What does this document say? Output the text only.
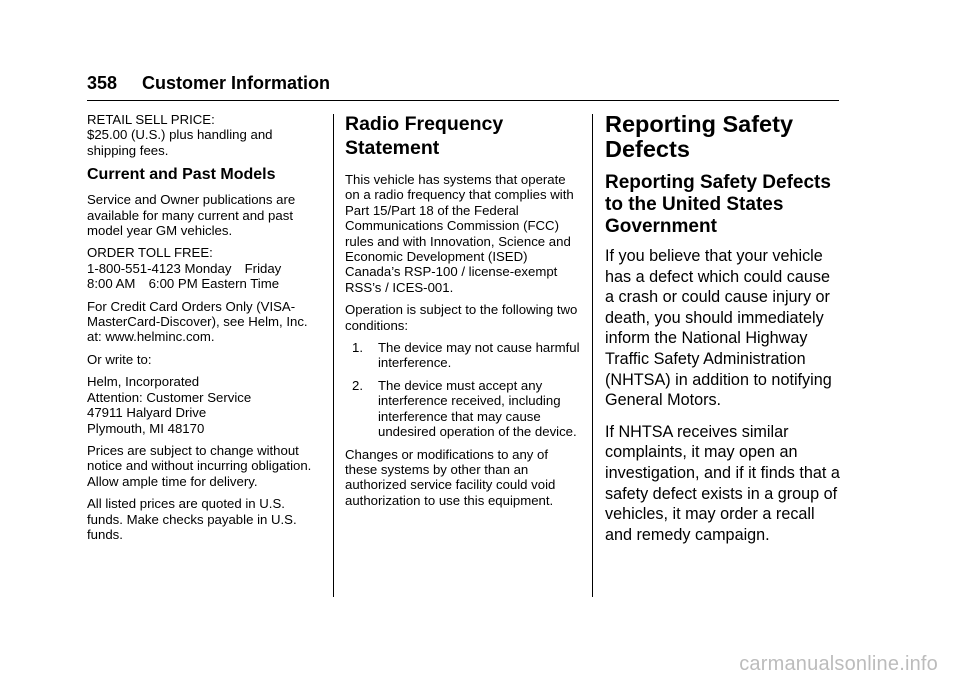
358 Customer Information

RETAIL SELL PRICE:
$25.00 (U.S.) plus handling and shipping fees.

Current and Past Models

Service and Owner publications are available for many current and past model year GM vehicles.

ORDER TOLL FREE:
1-800-551-4123 Monday Friday
8:00 AM 6:00 PM Eastern Time

For Credit Card Orders Only (VISA-MasterCard-Discover), see Helm, Inc. at: www.helminc.com.

Or write to:

Helm, Incorporated
Attention: Customer Service
47911 Halyard Drive
Plymouth, MI 48170

Prices are subject to change without notice and without incurring obligation. Allow ample time for delivery.

All listed prices are quoted in U.S. funds. Make checks payable in U.S. funds.

Radio Frequency Statement

This vehicle has systems that operate on a radio frequency that complies with Part 15/Part 18 of the Federal Communications Commission (FCC) rules and with Innovation, Science and Economic Development (ISED) Canada’s RSP-100 / license-exempt RSS’s / ICES-001.

Operation is subject to the following two conditions:

1. The device may not cause harmful interference.
2. The device must accept any interference received, including interference that may cause undesired operation of the device.

Changes or modifications to any of these systems by other than an authorized service facility could void authorization to use this equipment.

Reporting Safety Defects
Reporting Safety Defects to the United States Government

If you believe that your vehicle has a defect which could cause a crash or could cause injury or death, you should immediately inform the National Highway Traffic Safety Administration (NHTSA) in addition to notifying General Motors.

If NHTSA receives similar complaints, it may open an investigation, and if it finds that a safety defect exists in a group of vehicles, it may order a recall and remedy campaign.

carmanualsonline.info
